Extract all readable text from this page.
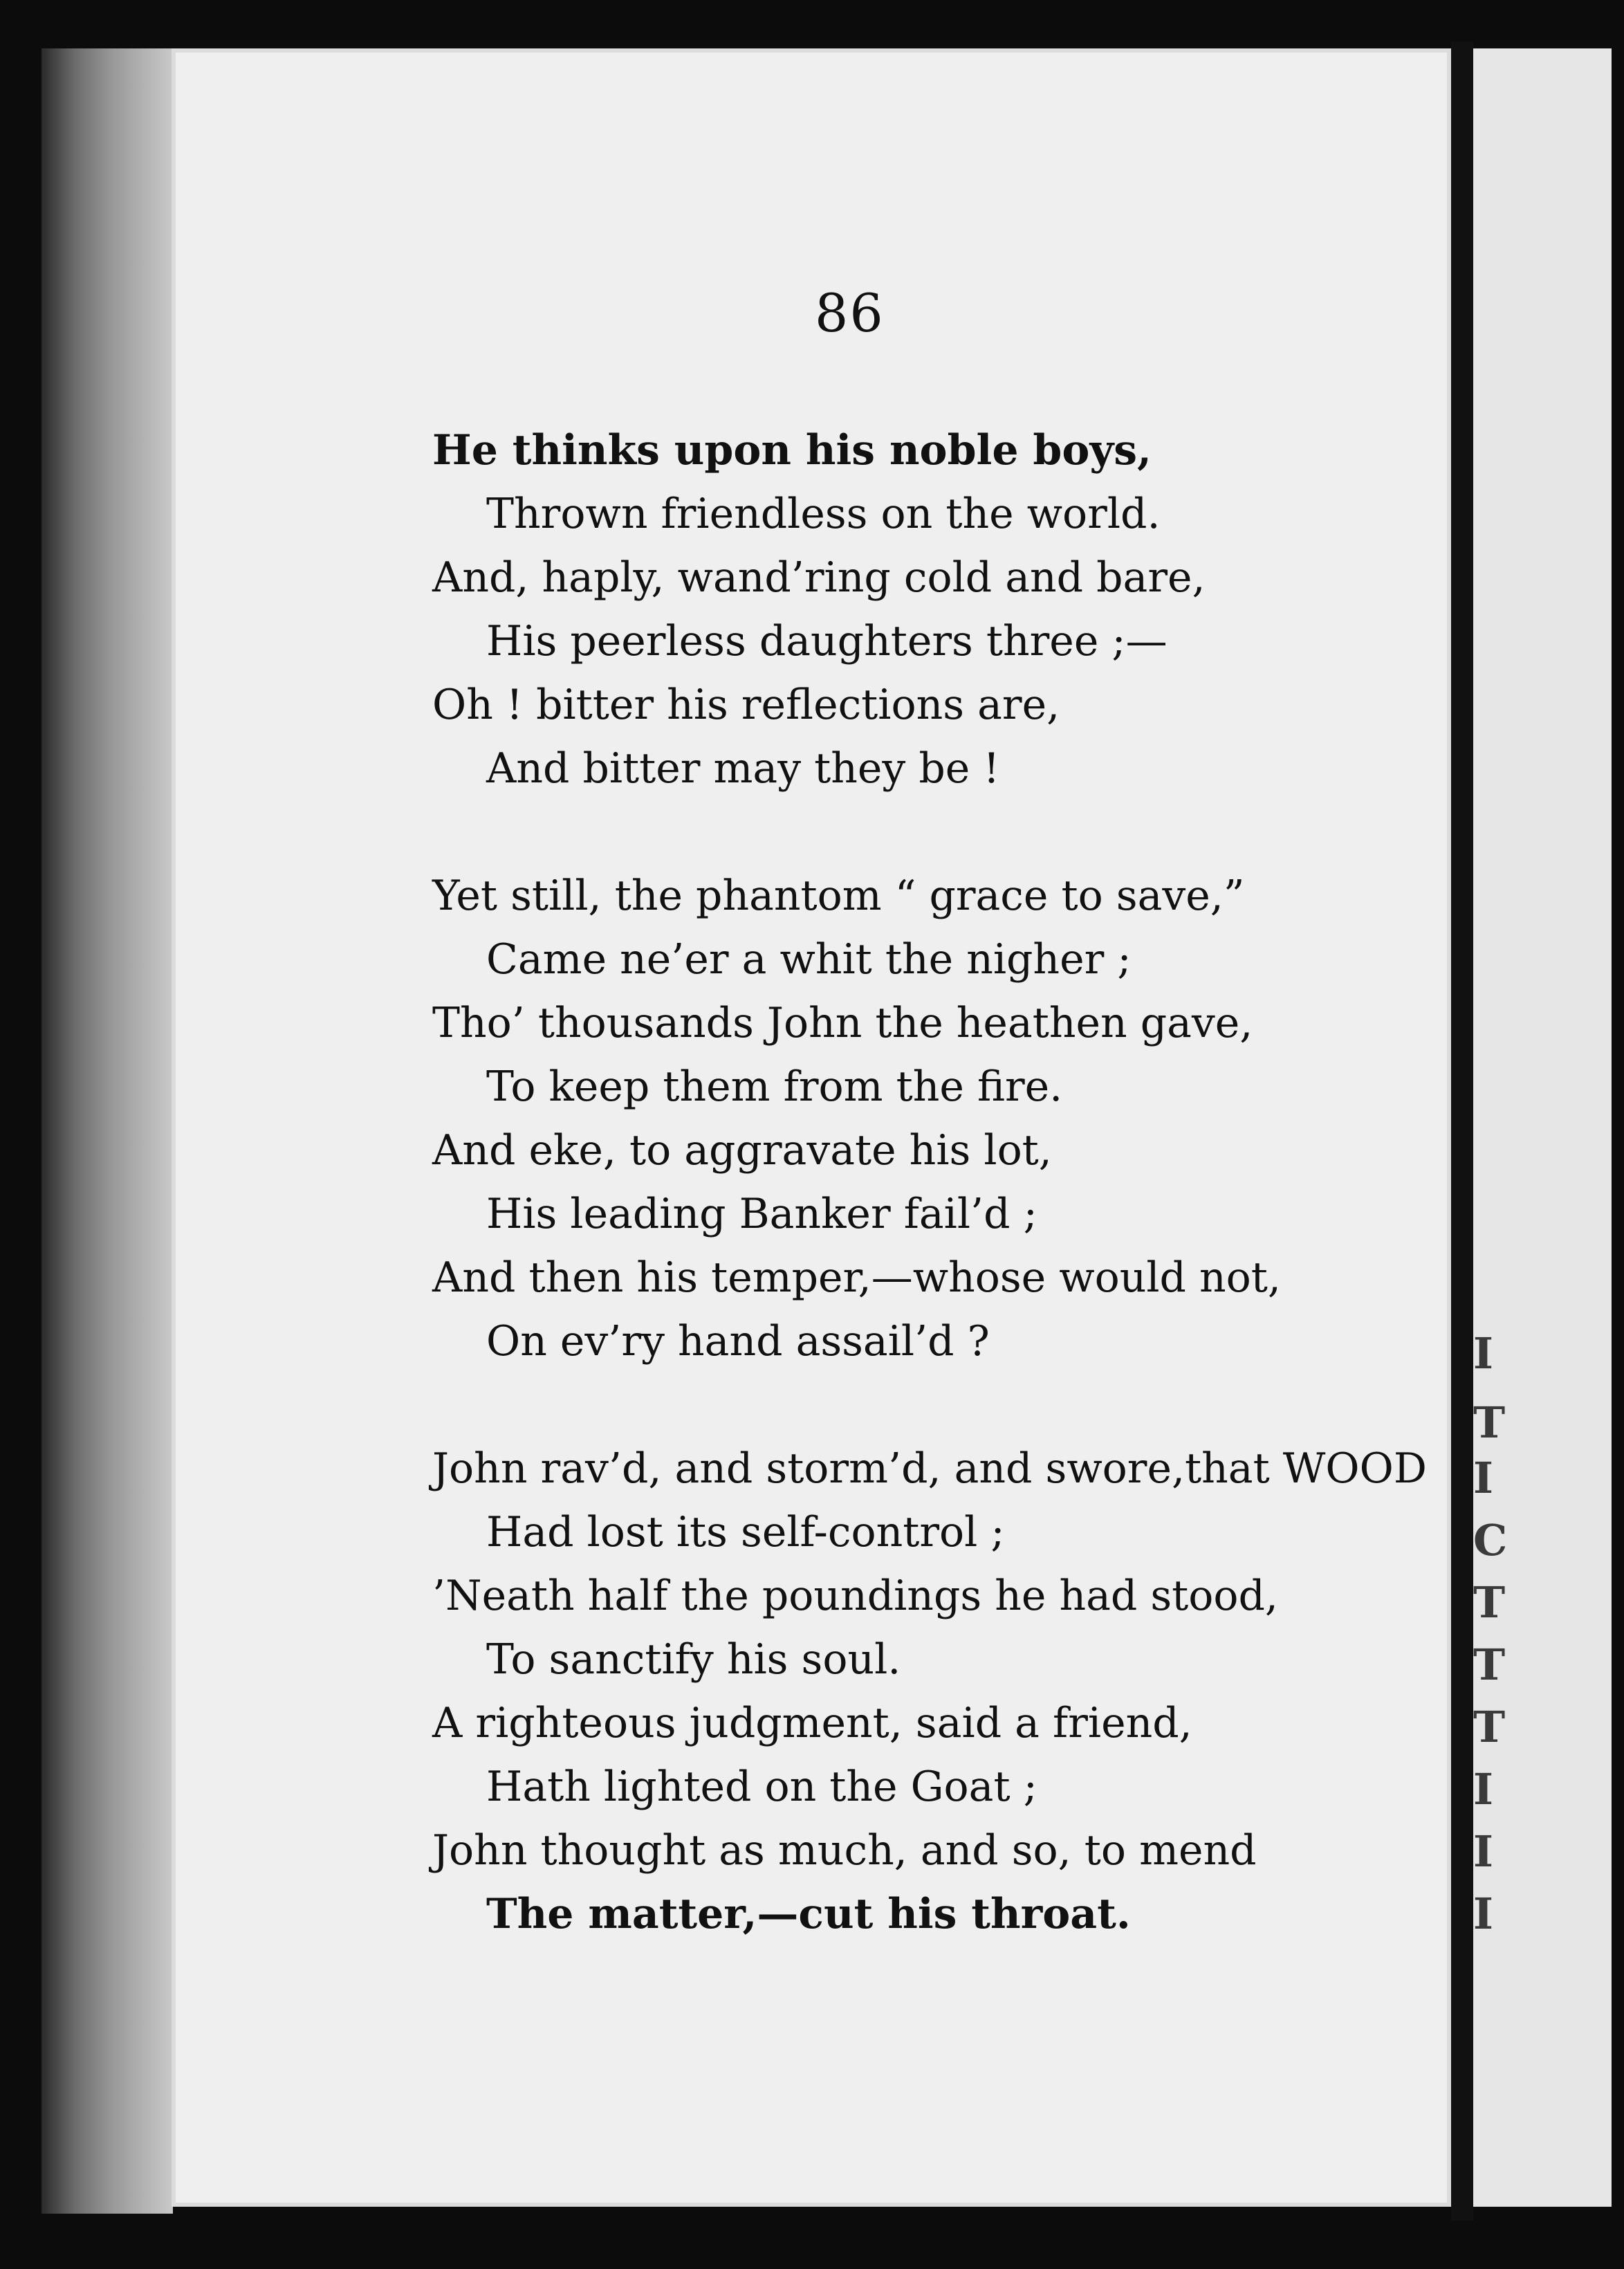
86
He thinks upon his noble boys,
Thrown friendless on the world.
And, haply, wand’ring cold and bare,
His peerless daughters three ;—
Oh ! bitter his reflections are,
And bitter may they be !
Yet still, the phantom “ grace to save,”
Came ne’er a whit the nigher ;
Tho’ thousands John the heathen gave,
To keep them from the fire.
And eke, to aggravate his lot,
His leading Banker fail’d ;
And then his temper,—whose would not,
On ev’ry hand assail’d ?
John rav’d, and storm’d, and swore,that WOOD
Had lost its self-control ;
’Neath half the poundings he had stood,
To sanctify his soul.
A righteous judgment, said a friend,
Hath lighted on the Goat ;
John thought as much, and so, to mend
The matter,—cut his throat.
I
T
I
C
T
T
T
I
I
I
